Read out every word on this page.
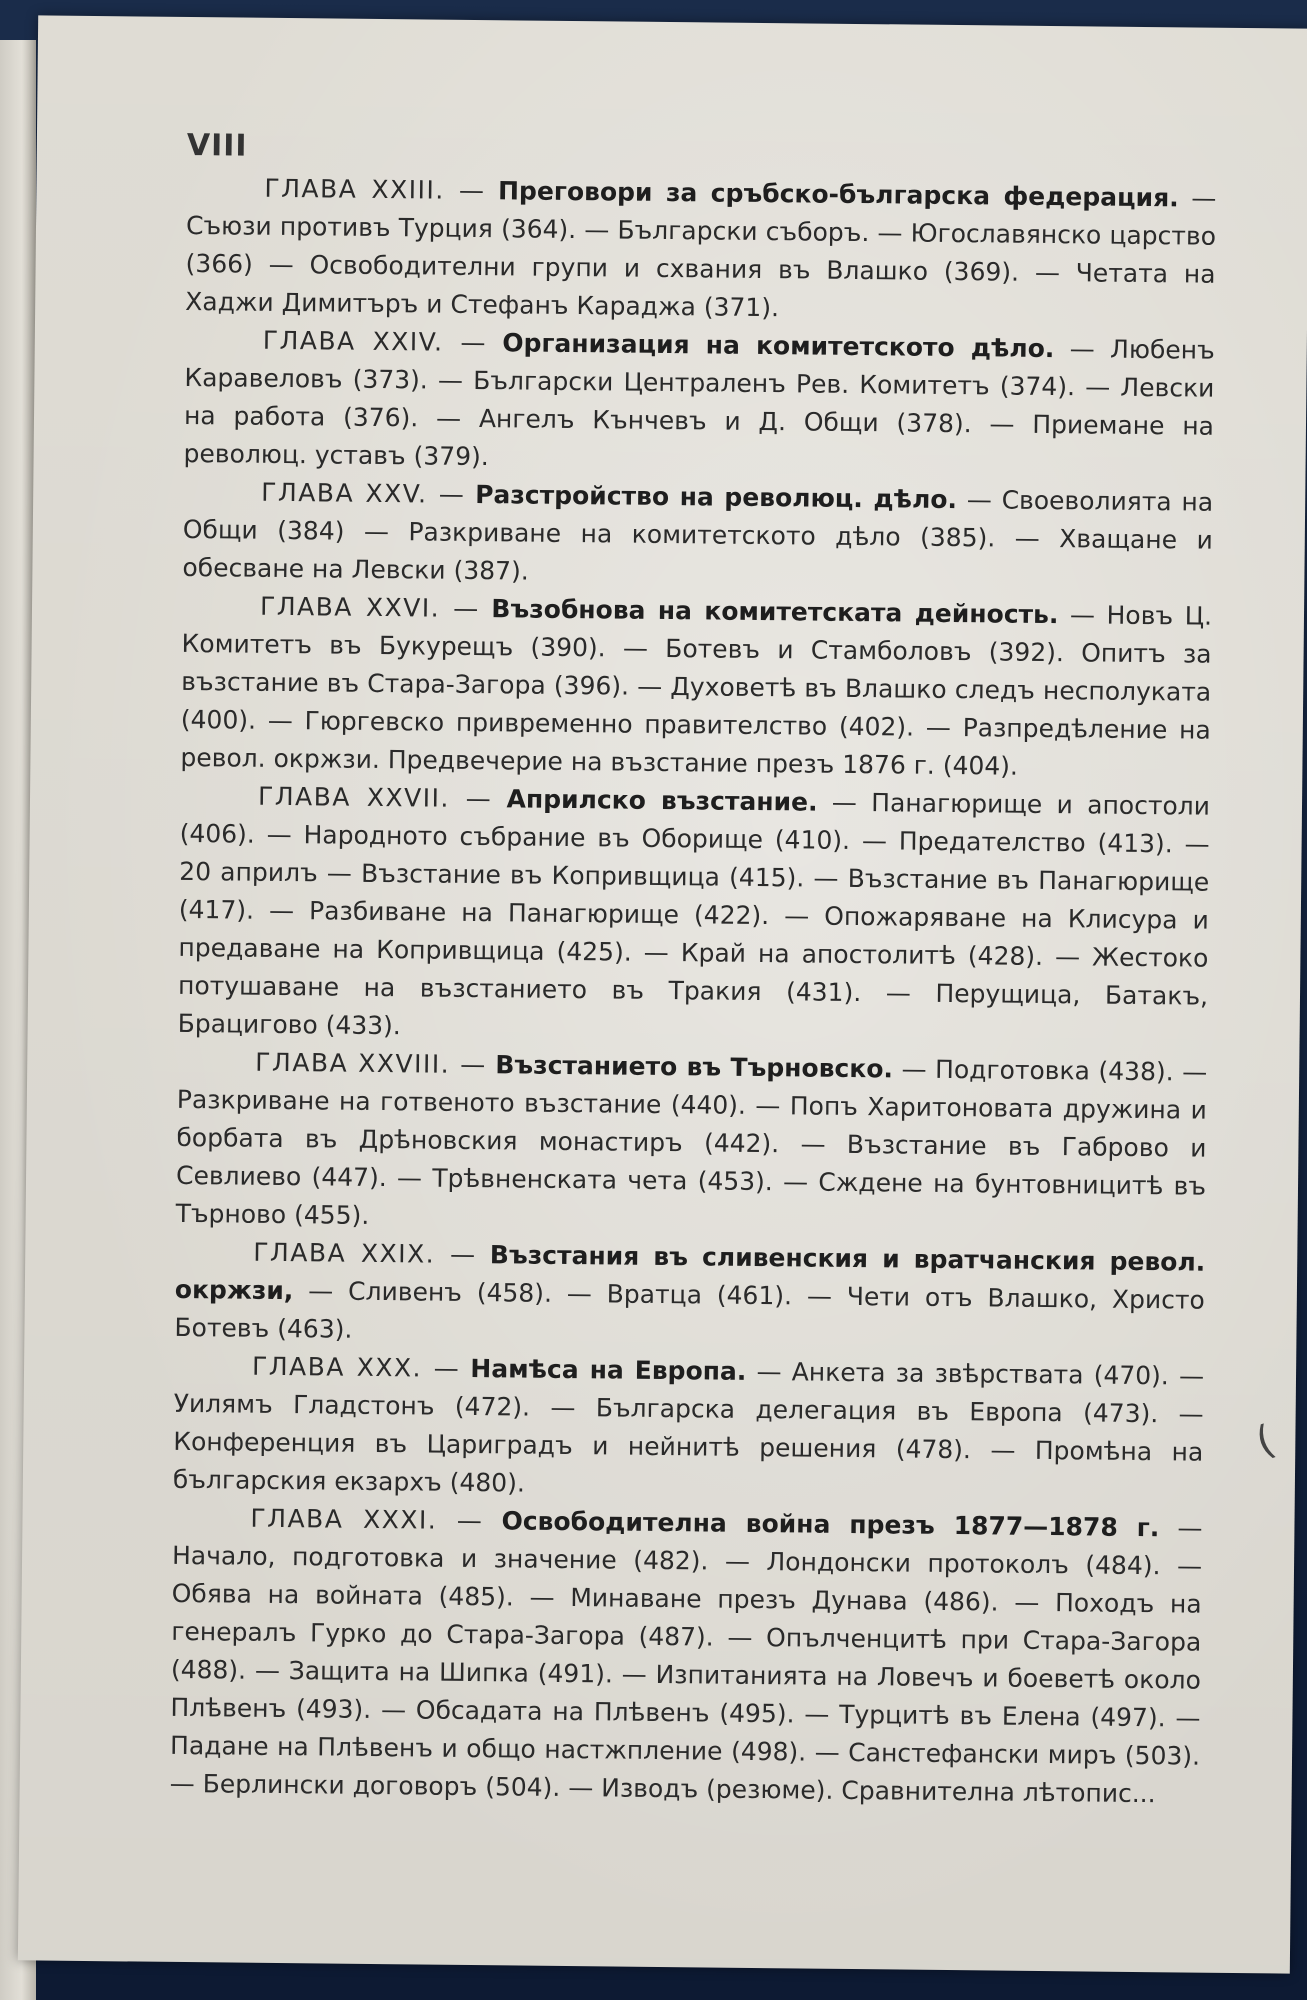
VIII

ГЛАВА XXIII. — Преговори за сръбско-българска федерация. — Съюзи противъ Турция (364). — Български съборъ. — Югославянско царство (366) — Освободителни групи и схвания въ Влашко (369). — Четата на Хаджи Димитъръ и Стефанъ Караджа (371).

ГЛАВА XXIV. — Организация на комитетското дѣло. — Любенъ Каравеловъ (373). — Български Централенъ Рев. Комитетъ (374). — Левски на работа (376). — Ангелъ Кънчевъ и Д. Общи (378). — Приемане на революц. уставъ (379).

ГЛАВА XXV. — Разстройство на революц. дѣло. — Своеволията на Общи (384) — Разкриване на комитетското дѣло (385). — Хващане и обесване на Левски (387).

ГЛАВА XXVI. — Възобнова на комитетската дейность. — Новъ Ц. Комитетъ въ Букурещъ (390). — Ботевъ и Стамболовъ (392). Опитъ за възстание въ Стара-Загора (396). — Духоветѣ въ Влашко следъ несполуката (400). — Гюргевско привременно правителство (402). — Разпредѣление на револ. окржзи. Предвечерие на възстание презъ 1876 г. (404).

ГЛАВА XXVII. — Априлско възстание. — Панагюрище и апостоли (406). — Народното събрание въ Оборище (410). — Предателство (413). — 20 априлъ — Възстание въ Копривщица (415). — Възстание въ Панагюрище (417). — Разбиване на Панагюрище (422). — Опожаряване на Клисура и предаване на Копривщица (425). — Край на апостолитѣ (428). — Жестоко потушаване на възстанието въ Тракия (431). — Перущица, Батакъ, Брацигово (433).

ГЛАВА XXVIII. — Възстанието въ Търновско. — Подготовка (438). — Разкриване на готвеното възстание (440). — Попъ Харитоновата дружина и борбата въ Дрѣновския монастиръ (442). — Възстание въ Габрово и Севлиево (447). — Трѣвненската чета (453). — Сждене на бунтовницитѣ въ Търново (455).

ГЛАВА XXIX. — Възстания въ сливенския и вратчанския револ. окржзи, — Сливенъ (458). — Вратца (461). — Чети отъ Влашко, Христо Ботевъ (463).

ГЛАВА XXX. — Намѣса на Европа. — Анкета за звѣрствата (470). — Уилямъ Гладстонъ (472). — Българска делегация въ Европа (473). — Конференция въ Цариградъ и нейнитѣ решения (478). — Промѣна на българския екзархъ (480).

ГЛАВА XXXI. — Освободителна война презъ 1877—1878 г. — Начало, подготовка и значение (482). — Лондонски протоколъ (484). — Обява на войната (485). — Минаване презъ Дунава (486). — Походъ на генералъ Гурко до Стара-Загора (487). — Опълченцитѣ при Стара-Загора (488). — Защита на Шипка (491). — Изпитанията на Ловечъ и боеветѣ около Плѣвенъ (493). — Обсадата на Плѣвенъ (495). — Турцитѣ въ Елена (497). — Падане на Плѣвенъ и общо настжпление (498). — Санстефански миръ (503). — Берлински договоръ (504). — Изводъ (резюме). Сравнителна лѣтопис...

(
